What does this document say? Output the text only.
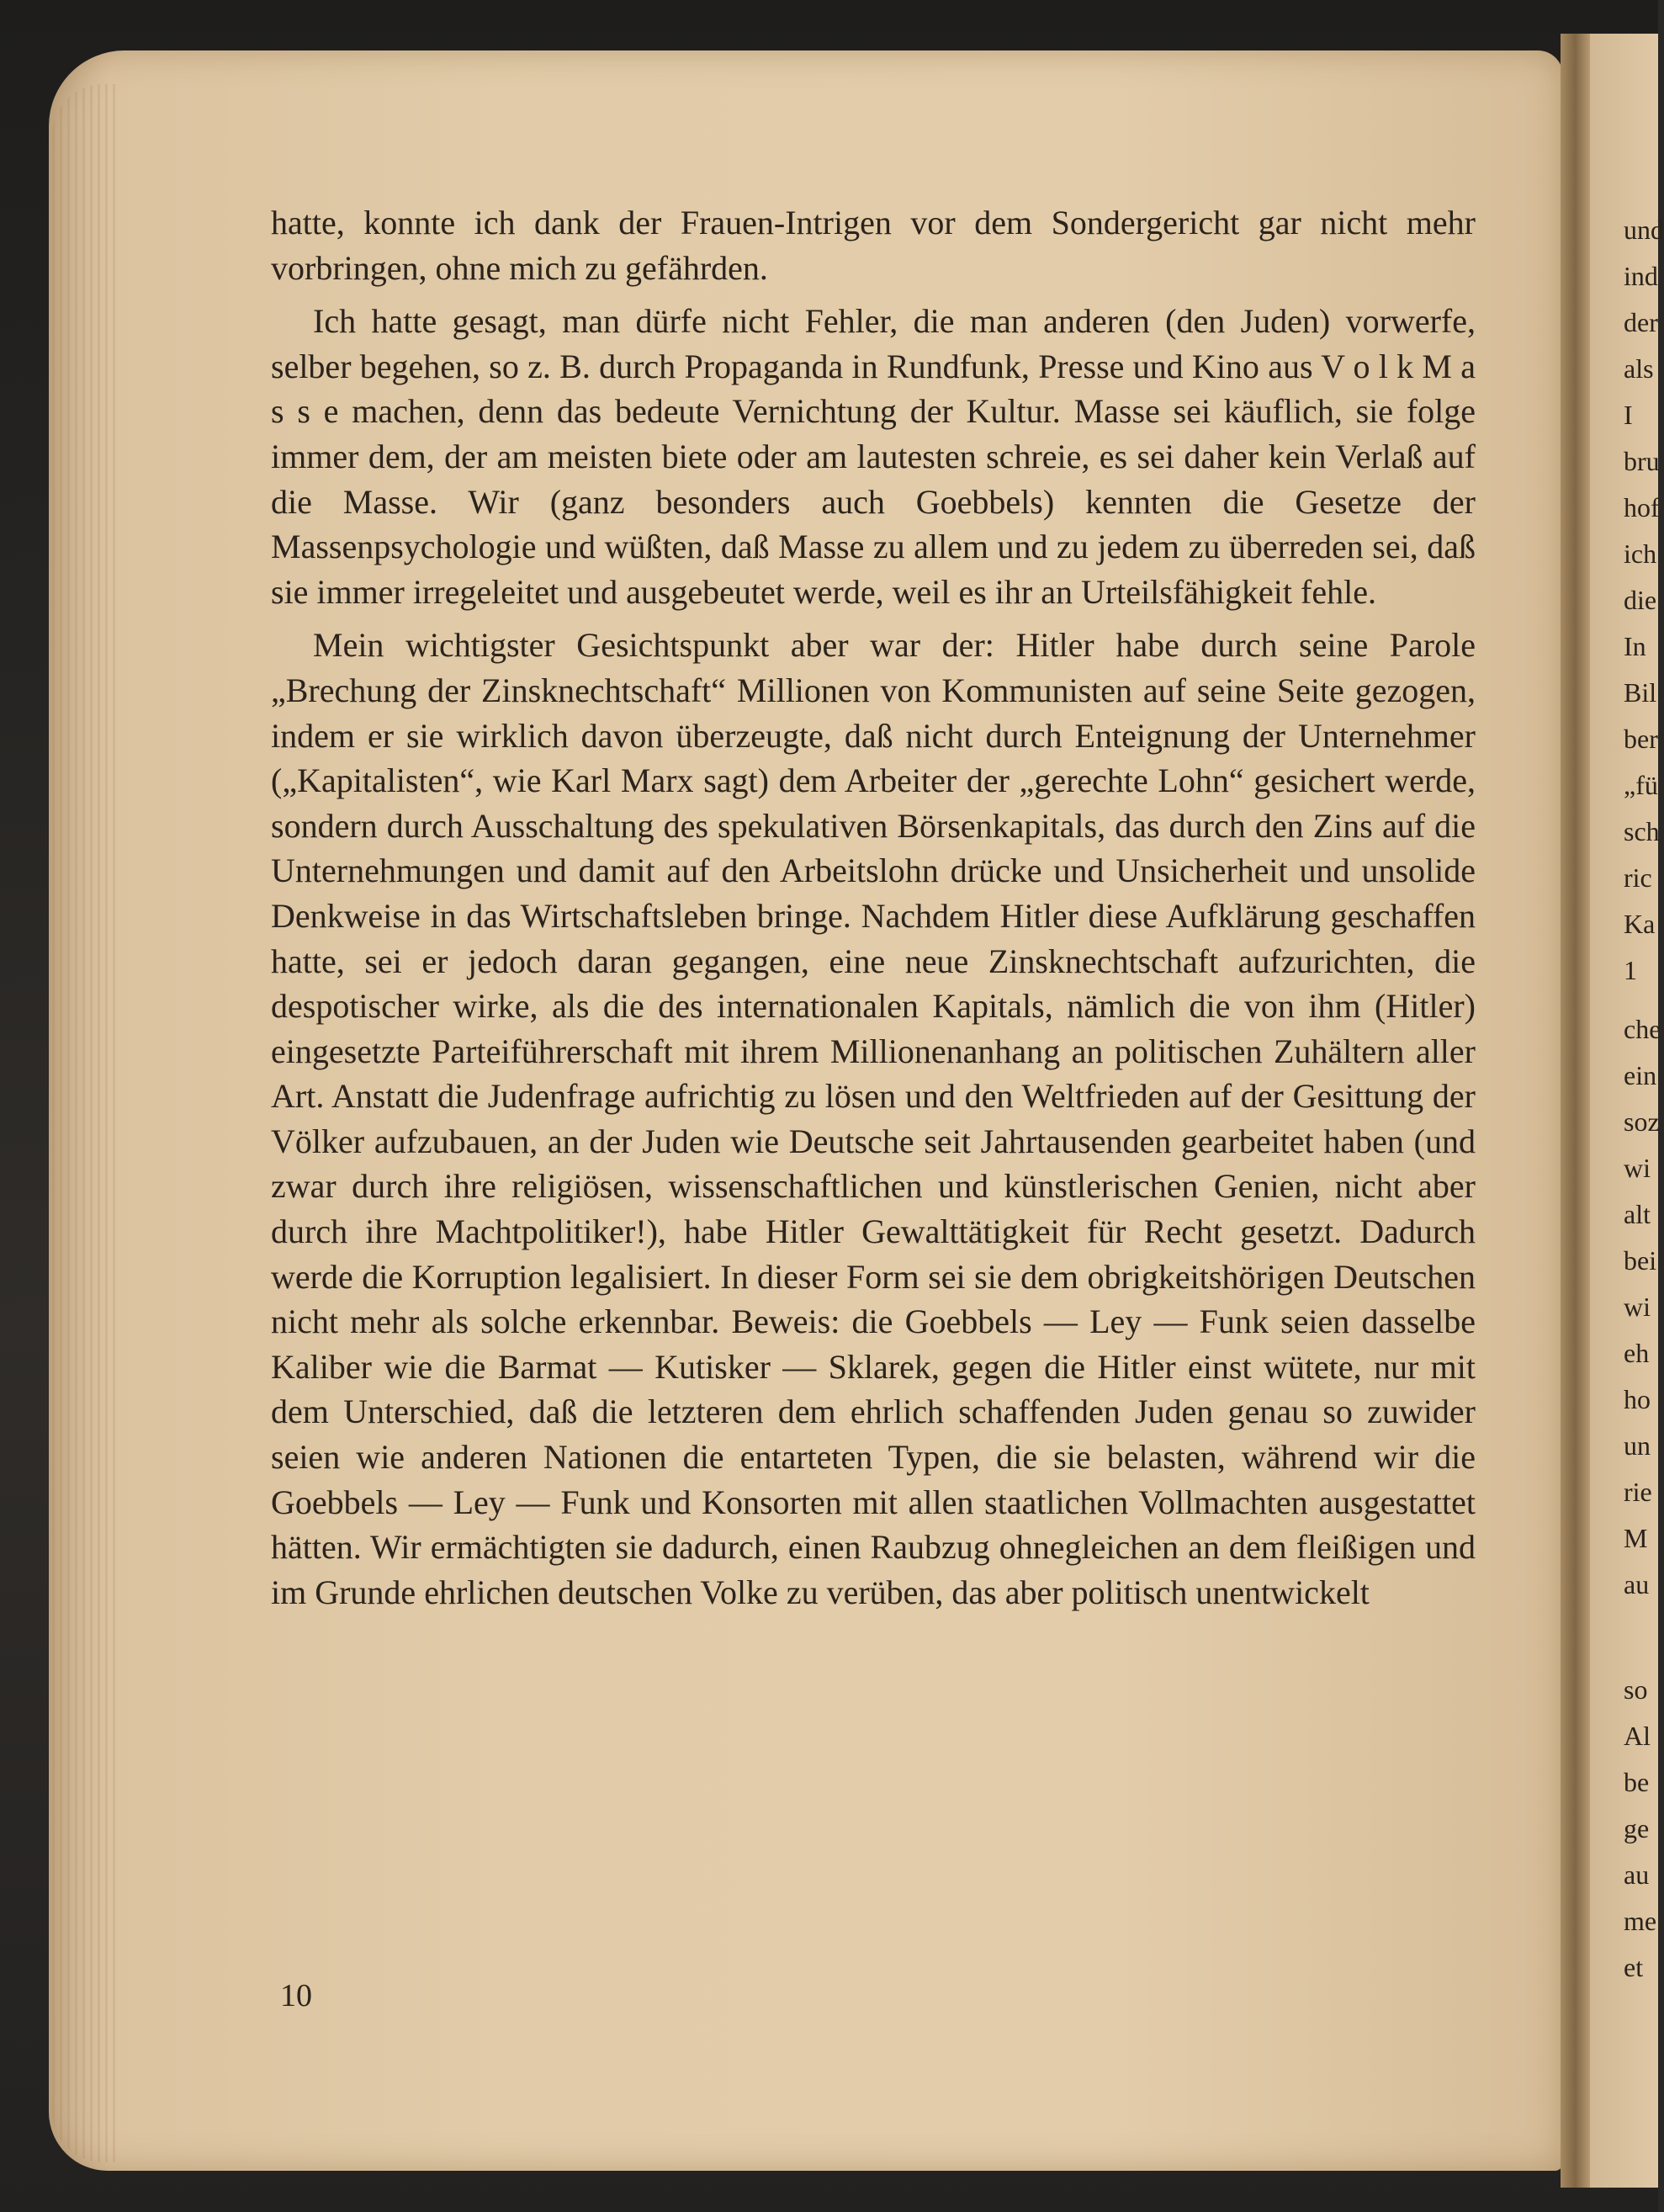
und
ind
der
als
I
bru
hof
ich
die
In
Bil
ber
„fü
sch
ric
Ka
1
che
ein
soz
wi
alt
bei
wi
eh
ho
un
rie
M
au
so
Al
be
ge
au
me
et

hatte, konnte ich dank der Frauen-Intrigen vor dem Sondergericht gar nicht mehr vorbringen, ohne mich zu gefährden.

Ich hatte gesagt, man dürfe nicht Fehler, die man anderen (den Juden) vorwerfe, selber begehen, so z. B. durch Propaganda in Rundfunk, Presse und Kino aus V o l k M a s s e machen, denn das bedeute Vernichtung der Kultur. Masse sei käuflich, sie folge immer dem, der am meisten biete oder am lautesten schreie, es sei daher kein Verlaß auf die Masse. Wir (ganz besonders auch Goebbels) kennten die Gesetze der Massenpsychologie und wüßten, daß Masse zu allem und zu jedem zu überreden sei, daß sie immer irregeleitet und ausgebeutet werde, weil es ihr an Urteilsfähigkeit fehle.

Mein wichtigster Gesichtspunkt aber war der: Hitler habe durch seine Parole „Brechung der Zinsknechtschaft“ Millionen von Kommunisten auf seine Seite gezogen, indem er sie wirklich davon überzeugte, daß nicht durch Enteignung der Unternehmer („Kapitalisten“, wie Karl Marx sagt) dem Arbeiter der „gerechte Lohn“ gesichert werde, sondern durch Ausschaltung des spekulativen Börsenkapitals, das durch den Zins auf die Unternehmungen und damit auf den Arbeitslohn drücke und Unsicherheit und unsolide Denkweise in das Wirtschaftsleben bringe. Nachdem Hitler diese Aufklärung geschaffen hatte, sei er jedoch daran gegangen, eine neue Zinsknechtschaft aufzurichten, die despotischer wirke, als die des internationalen Kapitals, nämlich die von ihm (Hitler) eingesetzte Parteiführerschaft mit ihrem Millionenanhang an politischen Zuhältern aller Art. Anstatt die Judenfrage aufrichtig zu lösen und den Weltfrieden auf der Gesittung der Völker aufzubauen, an der Juden wie Deutsche seit Jahrtausenden gearbeitet haben (und zwar durch ihre religiösen, wissenschaftlichen und künstlerischen Genien, nicht aber durch ihre Machtpolitiker!), habe Hitler Gewalttätigkeit für Recht gesetzt. Dadurch werde die Korruption legalisiert. In dieser Form sei sie dem obrigkeitshörigen Deutschen nicht mehr als solche erkennbar. Beweis: die Goebbels — Ley — Funk seien dasselbe Kaliber wie die Barmat — Kutisker — Sklarek, gegen die Hitler einst wütete, nur mit dem Unterschied, daß die letzteren dem ehrlich schaffenden Juden genau so zuwider seien wie anderen Nationen die entarteten Typen, die sie belasten, während wir die Goebbels — Ley — Funk und Konsorten mit allen staatlichen Vollmachten ausgestattet hätten. Wir ermächtigten sie dadurch, einen Raubzug ohnegleichen an dem fleißigen und im Grunde ehrlichen deutschen Volke zu verüben, das aber politisch unentwickelt

10
